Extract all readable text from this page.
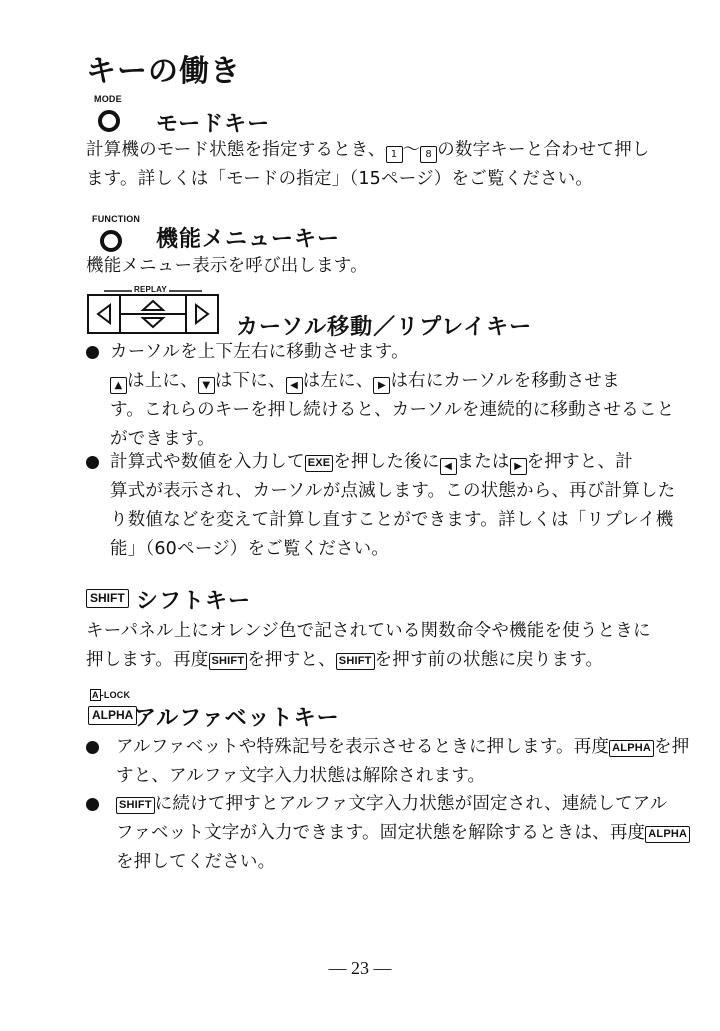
キーの働き
MODE
モードキー
計算機のモード状態を指定するとき、 1 ～ 8 の数字キーと合わせて押し
ます。詳しくは「モードの指定」（15ページ）をご覧ください。
FUNCTION
機能メニューキー
機能メニュー表示を呼び出します。
REPLAY
カーソル移動／リプレイキー
カーソルを上下左右に移動させます。
▲ は上に、 ▼ は下に、 ◀ は左に、 ▶ は右にカーソルを移動させま
す。これらのキーを押し続けると、カーソルを連続的に移動させること
ができます。
計算式や数値を入力して EXE を押した後に ◀ または ▶ を押すと、計
算式が表示され、カーソルが点滅します。この状態から、再び計算した
り数値などを変えて計算し直すことができます。詳しくは「リプレイ機
能」（60ページ）をご覧ください。
SHIFT シフトキー
キーパネル上にオレンジ色で記されている関数命令や機能を使うときに
押します。再度 SHIFT を押すと、 SHIFT を押す前の状態に戻ります。
A -LOCK
ALPHA アルファベットキー
アルファベットや特殊記号を表示させるときに押します。再度 ALPHA を押
すと、アルファ文字入力状態は解除されます。
SHIFT に続けて押すとアルファ文字入力状態が固定され、連続してアル
ファベット文字が入力できます。固定状態を解除するときは、再度 ALPHA
を押してください。
— 23 —
